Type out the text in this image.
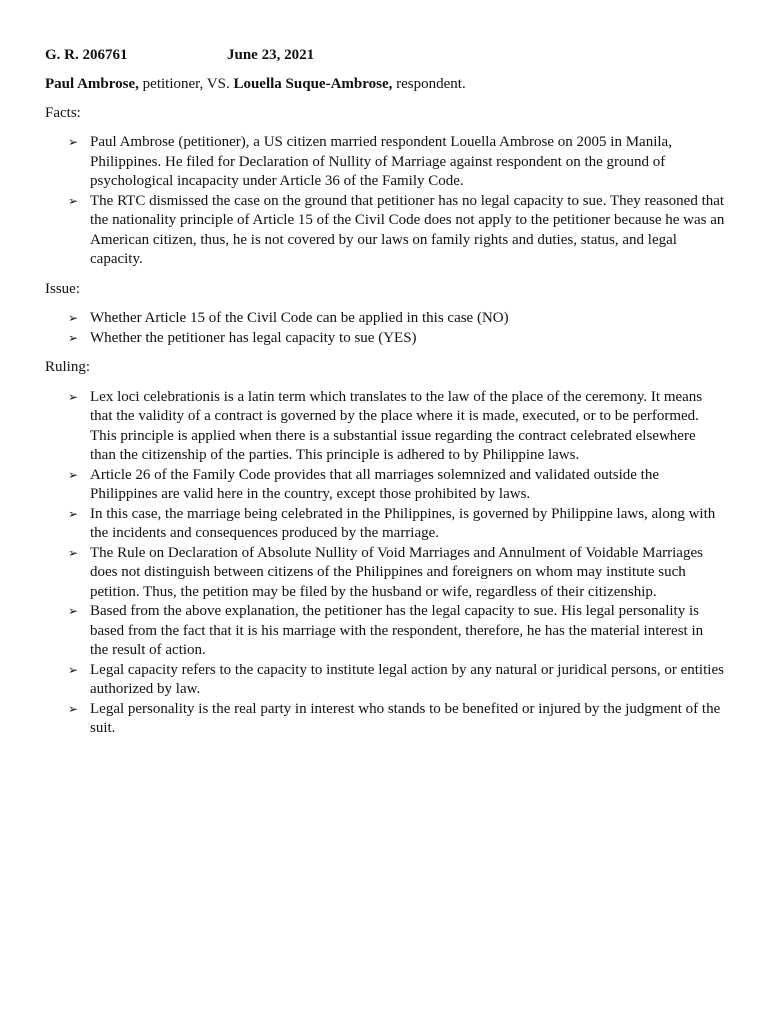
G. R. 206761	June 23, 2021
Paul Ambrose, petitioner, VS. Louella Suque-Ambrose, respondent.
Facts:
➢ Paul Ambrose (petitioner), a US citizen married respondent Louella Ambrose on 2005 in Manila, Philippines. He filed for Declaration of Nullity of Marriage against respondent on the ground of psychological incapacity under Article 36 of the Family Code.
➢ The RTC dismissed the case on the ground that petitioner has no legal capacity to sue. They reasoned that the nationality principle of Article 15 of the Civil Code does not apply to the petitioner because he was an American citizen, thus, he is not covered by our laws on family rights and duties, status, and legal capacity.
Issue:
➢ Whether Article 15 of the Civil Code can be applied in this case (NO)
➢ Whether the petitioner has legal capacity to sue (YES)
Ruling:
➢ Lex loci celebrationis is a latin term which translates to the law of the place of the ceremony. It means that the validity of a contract is governed by the place where it is made, executed, or to be performed. This principle is applied when there is a substantial issue regarding the contract celebrated elsewhere than the citizenship of the parties. This principle is adhered to by Philippine laws.
➢ Article 26 of the Family Code provides that all marriages solemnized and validated outside the Philippines are valid here in the country, except those prohibited by laws.
➢ In this case, the marriage being celebrated in the Philippines, is governed by Philippine laws, along with the incidents and consequences produced by the marriage.
➢ The Rule on Declaration of Absolute Nullity of Void Marriages and Annulment of Voidable Marriages does not distinguish between citizens of the Philippines and foreigners on whom may institute such petition. Thus, the petition may be filed by the husband or wife, regardless of their citizenship.
➢ Based from the above explanation, the petitioner has the legal capacity to sue. His legal personality is based from the fact that it is his marriage with the respondent, therefore, he has the material interest in the result of action.
➢ Legal capacity refers to the capacity to institute legal action by any natural or juridical persons, or entities authorized by law.
➢ Legal personality is the real party in interest who stands to be benefited or injured by the judgment of the suit.
